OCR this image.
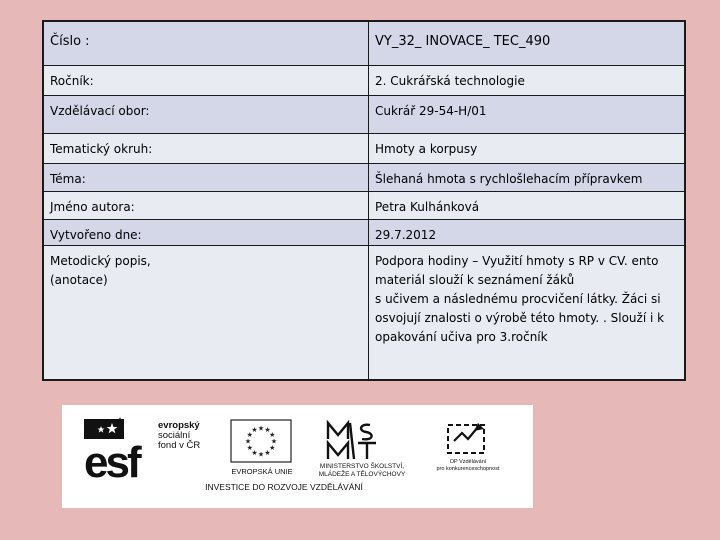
Číslo :	VY_32_ INOVACE_ TEC_490
Ročník:	2. Cukrářská technologie
Vzdělávací obor:	Cukrář 29-54-H/01
Tematický okruh:	Hmoty a korpusy
Téma:	Šlehaná hmota s rychlošlehacím přípravkem
Jméno autora:	Petra Kulhánková
Vytvořeno dne:	29.7.2012

Metodický popis,
(anotace)	Podpora hodiny – Využití hmoty s RP v CV. ento
materiál slouží k seznámení žáků
s učivem a následnému procvičení látky. Žáci si
osvojují znalosti o výrobě této hmoty. . Slouží i k
opakování učiva pro 3.ročník
esf
evropský
sociální
fond v ČR	★
★
★
★
★
★
★
★
★ ★ ★
★
EVROPSKÁ UNIE
MINISTERSTVO ŠKOLSTVÍ,
MLÁDEŽE A TĚLOVÝCHOVY
OP Vzdělávání
pro konkurenceschopnost
INVESTICE DO ROZVOJE VZDĚLÁVÁNÍ
